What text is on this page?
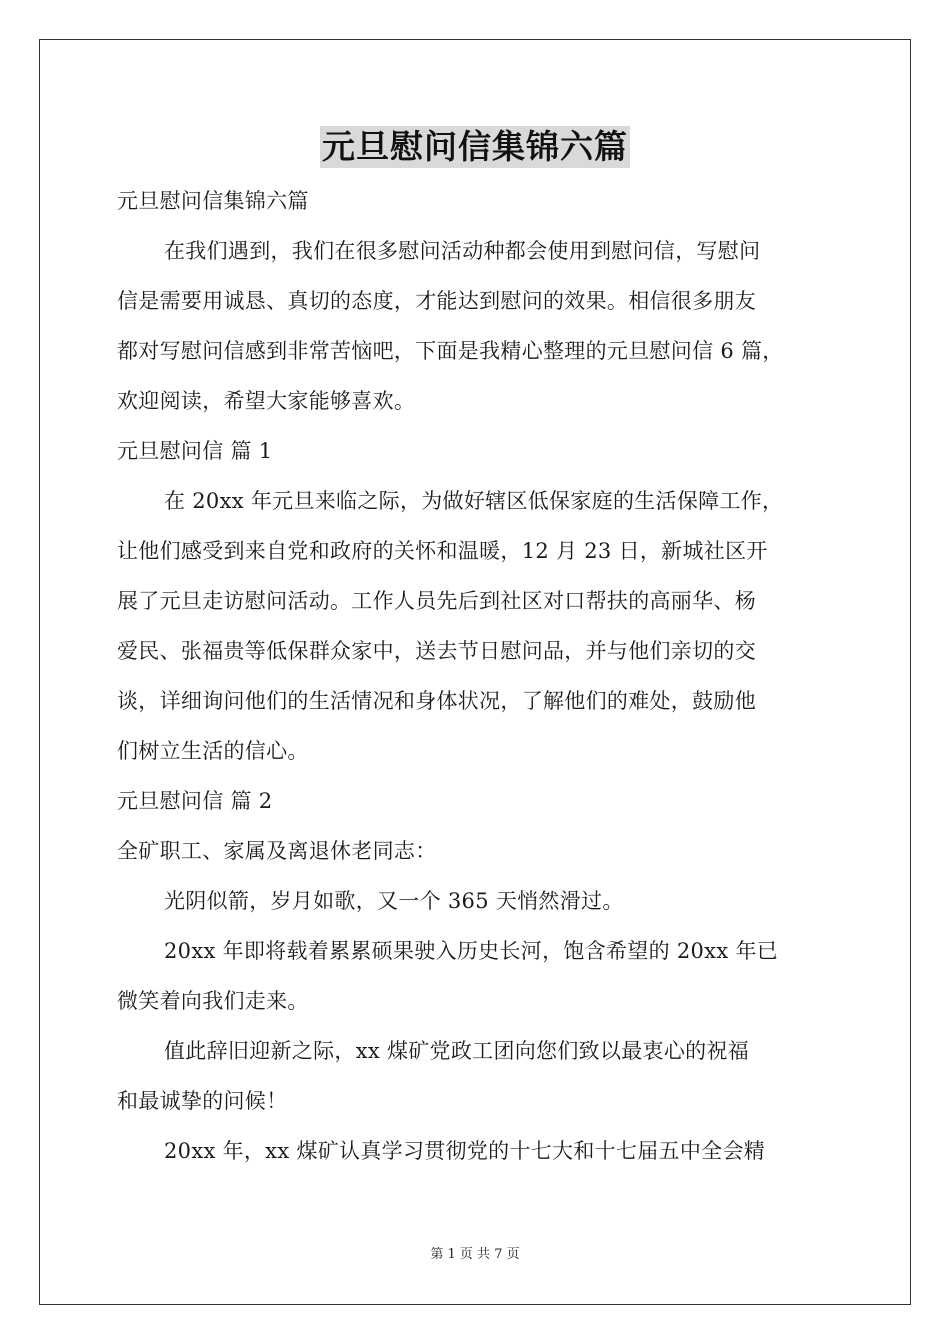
元旦慰问信集锦六篇
元旦慰问信集锦六篇
在我们遇到，我们在很多慰问活动种都会使用到慰问信，写慰问
信是需要用诚恳、真切的态度，才能达到慰问的效果。相信很多朋友
都对写慰问信感到非常苦恼吧，下面是我精心整理的元旦慰问信 6 篇，
欢迎阅读，希望大家能够喜欢。
元旦慰问信 篇 1
在 20xx 年元旦来临之际，为做好辖区低保家庭的生活保障工作，
让他们感受到来自党和政府的关怀和温暖，12 月 23 日，新城社区开
展了元旦走访慰问活动。工作人员先后到社区对口帮扶的高丽华、杨
爱民、张福贵等低保群众家中，送去节日慰问品，并与他们亲切的交
谈，详细询问他们的生活情况和身体状况，了解他们的难处，鼓励他
们树立生活的信心。
元旦慰问信 篇 2
全矿职工、家属及离退休老同志：
光阴似箭，岁月如歌，又一个 365 天悄然滑过。
20xx 年即将载着累累硕果驶入历史长河，饱含希望的 20xx 年已
微笑着向我们走来。
值此辞旧迎新之际，xx 煤矿党政工团向您们致以最衷心的祝福
和最诚挚的问候！
20xx 年，xx 煤矿认真学习贯彻党的十七大和十七届五中全会精
第 1 页 共 7 页
